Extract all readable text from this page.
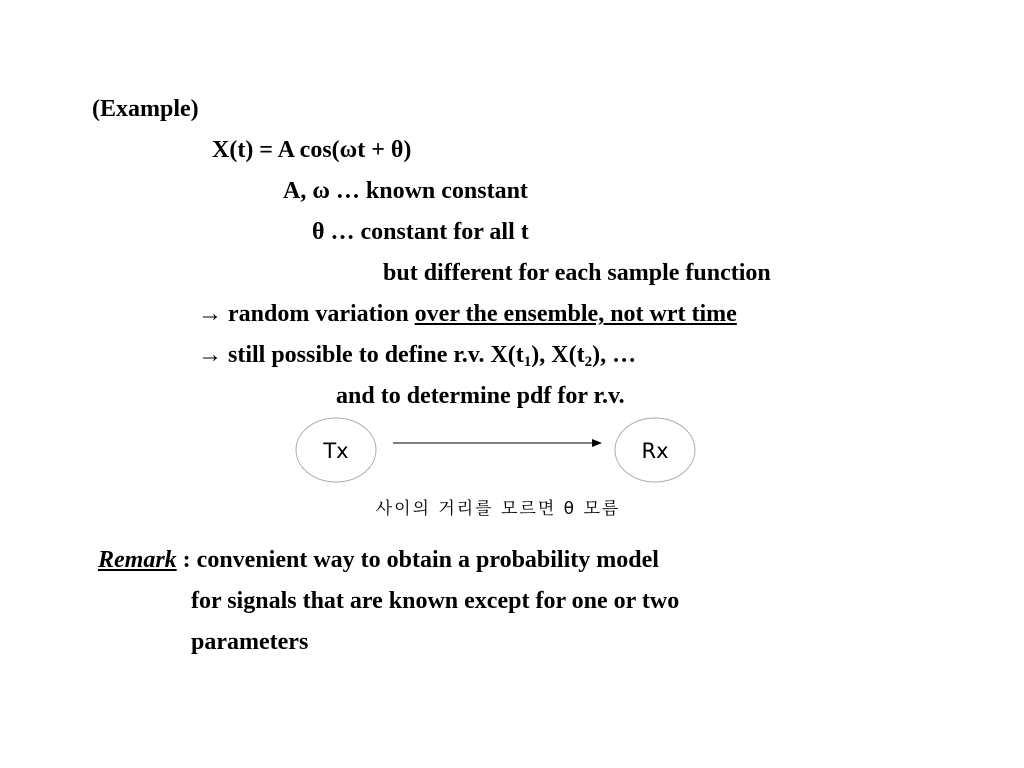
(Example)
X(t) = A cos(ωt + θ)
A, ω … known constant
θ … constant for all t
but different for each sample function
→ random variation over the ensemble, not wrt time
→ still possible to define r.v. $X(t_1)$, $X(t_2)$, …
and to determine pdf for r.v.
Tx	Rx
사이의 거리를 모르면 θ 모름
Remark : convenient way to obtain a probability model
for signals that are known except for one or two
parameters
